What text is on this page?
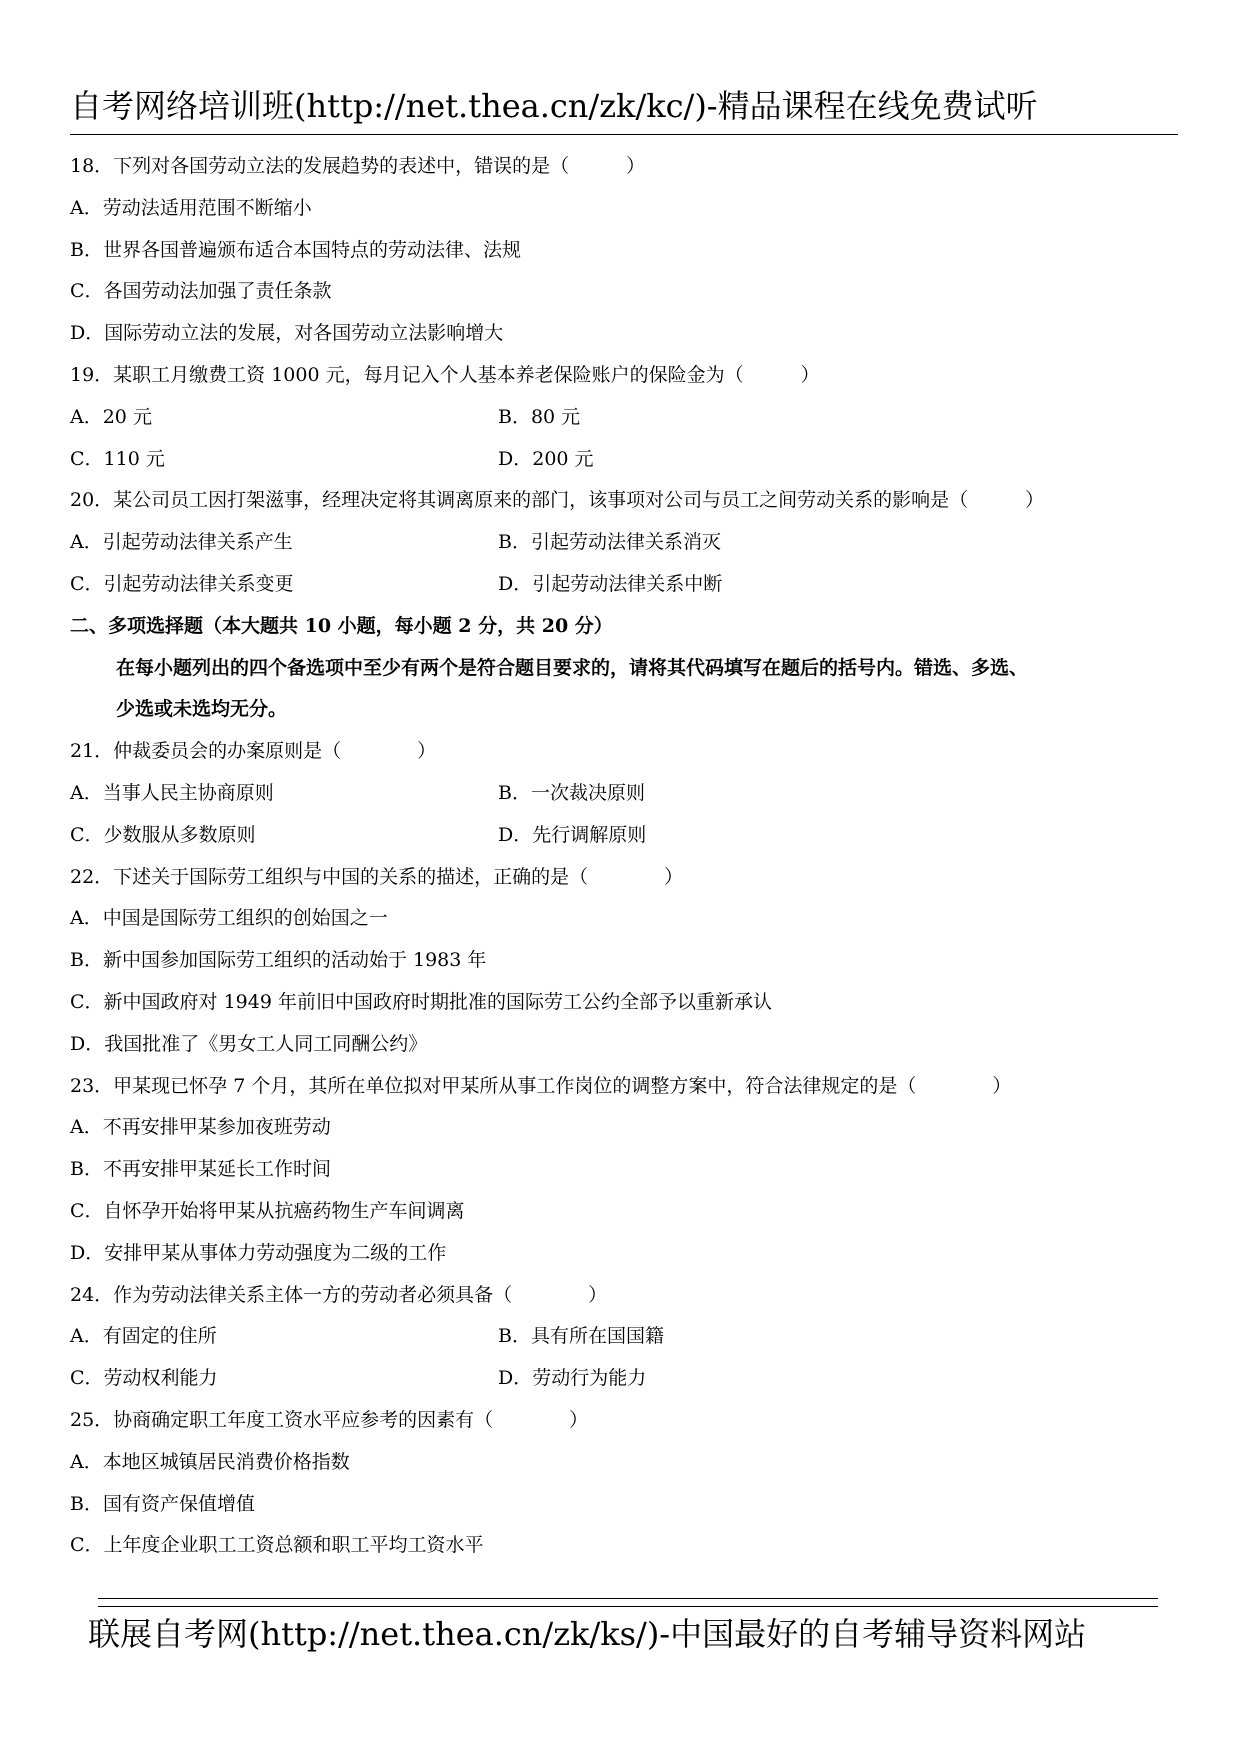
自考网络培训班(http://net.thea.cn/zk/kc/)-精品课程在线免费试听
18．下列对各国劳动立法的发展趋势的表述中，错误的是（　　　）
A．劳动法适用范围不断缩小
B．世界各国普遍颁布适合本国特点的劳动法律、法规
C．各国劳动法加强了责任条款
D．国际劳动立法的发展，对各国劳动立法影响增大
19．某职工月缴费工资 1000 元，每月记入个人基本养老保险账户的保险金为（　　　）
A．20 元	B．80 元
C．110 元	D．200 元
20．某公司员工因打架滋事，经理决定将其调离原来的部门，该事项对公司与员工之间劳动关系的影响是（　　　）
A．引起劳动法律关系产生	B．引起劳动法律关系消灭
C．引起劳动法律关系变更	D．引起劳动法律关系中断
二、多项选择题（本大题共 10 小题，每小题 2 分，共 20 分）
在每小题列出的四个备选项中至少有两个是符合题目要求的，请将其代码填写在题后的括号内。错选、多选、
少选或未选均无分。
21．仲裁委员会的办案原则是（　　　　）
A．当事人民主协商原则	B．一次裁决原则
C．少数服从多数原则	D．先行调解原则
22．下述关于国际劳工组织与中国的关系的描述，正确的是（　　　　）
A．中国是国际劳工组织的创始国之一
B．新中国参加国际劳工组织的活动始于 1983 年
C．新中国政府对 1949 年前旧中国政府时期批准的国际劳工公约全部予以重新承认
D．我国批准了《男女工人同工同酬公约》
23．甲某现已怀孕 7 个月，其所在单位拟对甲某所从事工作岗位的调整方案中，符合法律规定的是（　　　　）
A．不再安排甲某参加夜班劳动
B．不再安排甲某延长工作时间
C．自怀孕开始将甲某从抗癌药物生产车间调离
D．安排甲某从事体力劳动强度为二级的工作
24．作为劳动法律关系主体一方的劳动者必须具备（　　　　）
A．有固定的住所	B．具有所在国国籍
C．劳动权利能力	D．劳动行为能力
25．协商确定职工年度工资水平应参考的因素有（　　　　）
A．本地区城镇居民消费价格指数
B．国有资产保值增值
C．上年度企业职工工资总额和职工平均工资水平
联展自考网(http://net.thea.cn/zk/ks/)-中国最好的自考辅导资料网站
